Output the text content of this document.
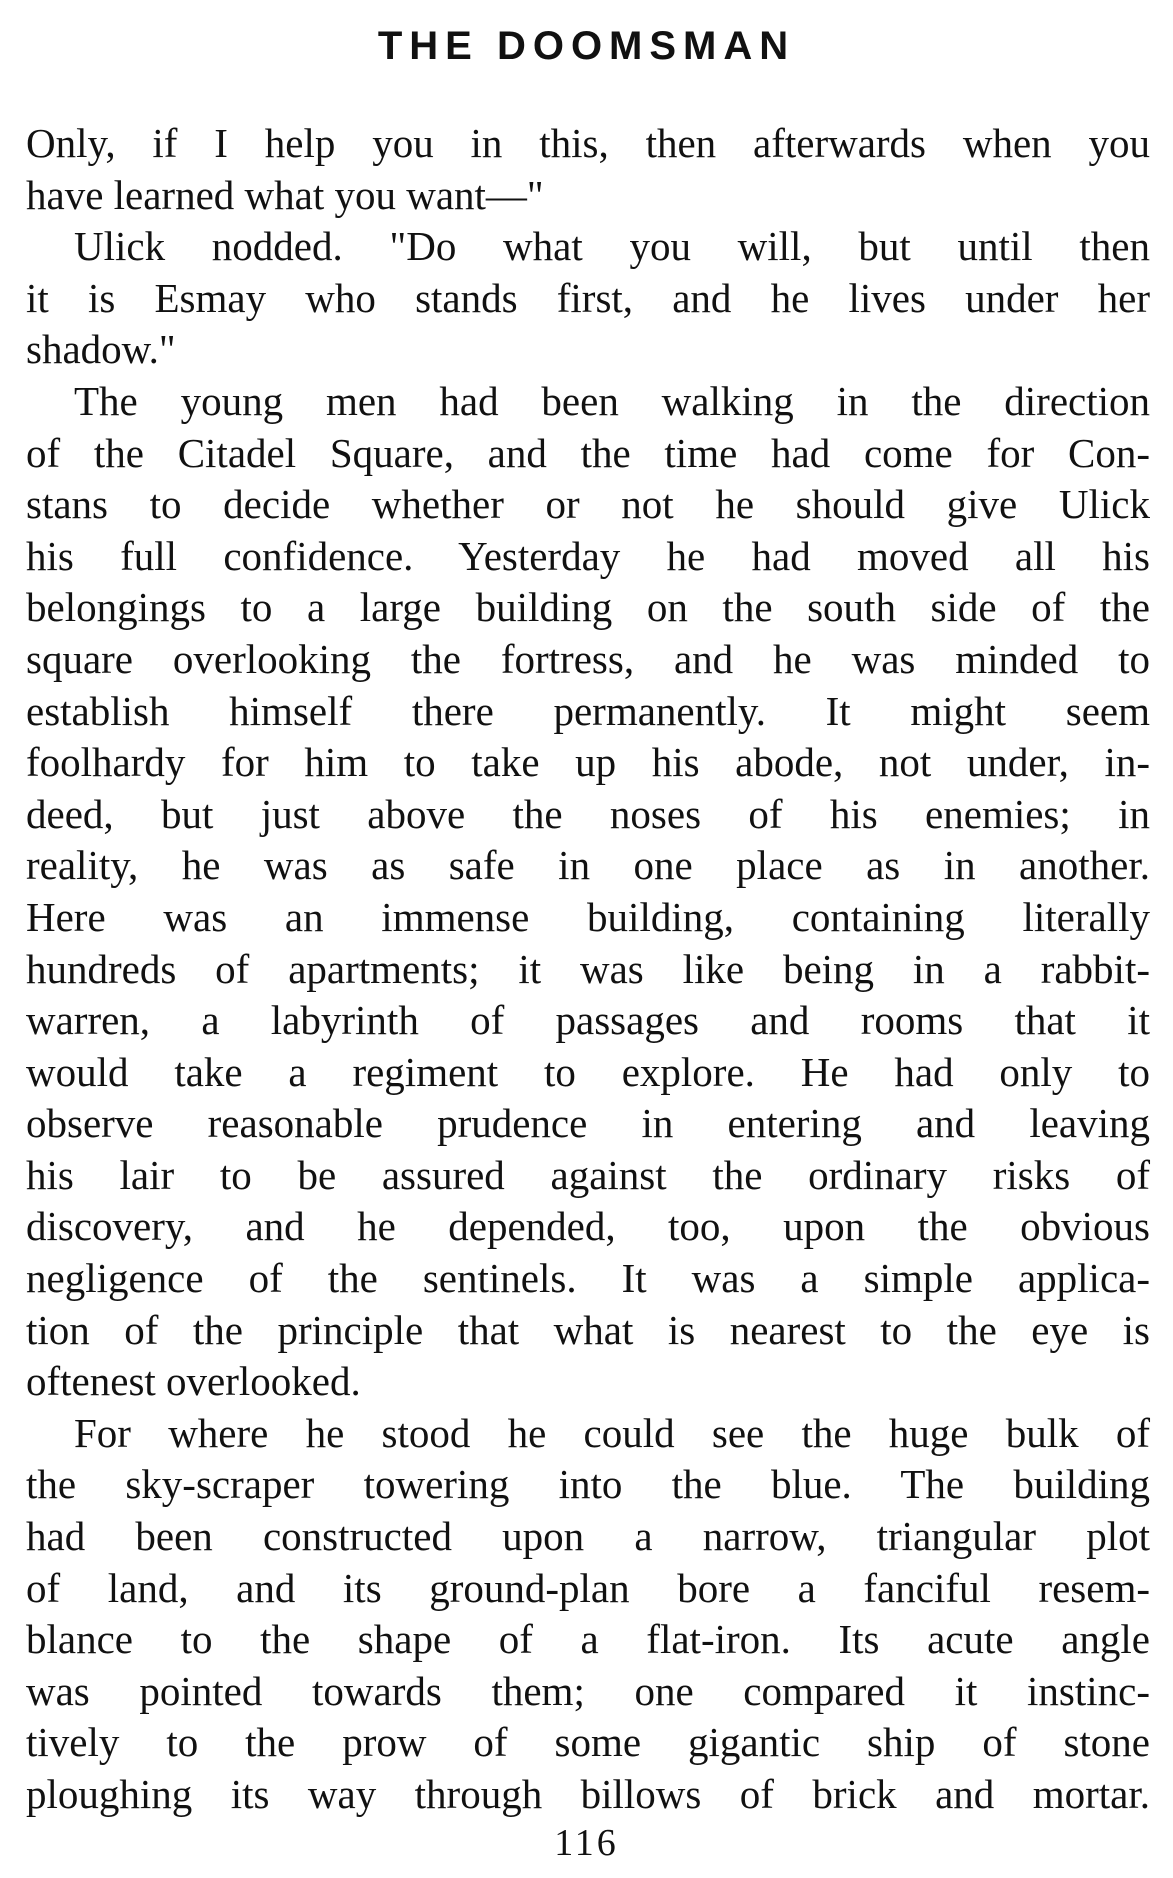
THE DOOMSMAN
Only, if I help you in this, then afterwards when you
have learned what you want—"
Ulick nodded. "Do what you will, but until then
it is Esmay who stands first, and he lives under her
shadow."
The young men had been walking in the direction
of the Citadel Square, and the time had come for Con-
stans to decide whether or not he should give Ulick
his full confidence. Yesterday he had moved all his
belongings to a large building on the south side of the
square overlooking the fortress, and he was minded to
establish himself there permanently. It might seem
foolhardy for him to take up his abode, not under, in-
deed, but just above the noses of his enemies; in
reality, he was as safe in one place as in another.
Here was an immense building, containing literally
hundreds of apartments; it was like being in a rabbit-
warren, a labyrinth of passages and rooms that it
would take a regiment to explore. He had only to
observe reasonable prudence in entering and leaving
his lair to be assured against the ordinary risks of
discovery, and he depended, too, upon the obvious
negligence of the sentinels. It was a simple applica-
tion of the principle that what is nearest to the eye is
oftenest overlooked.
For where he stood he could see the huge bulk of
the sky-scraper towering into the blue. The building
had been constructed upon a narrow, triangular plot
of land, and its ground-plan bore a fanciful resem-
blance to the shape of a flat-iron. Its acute angle
was pointed towards them; one compared it instinc-
tively to the prow of some gigantic ship of stone
ploughing its way through billows of brick and mortar.
116
